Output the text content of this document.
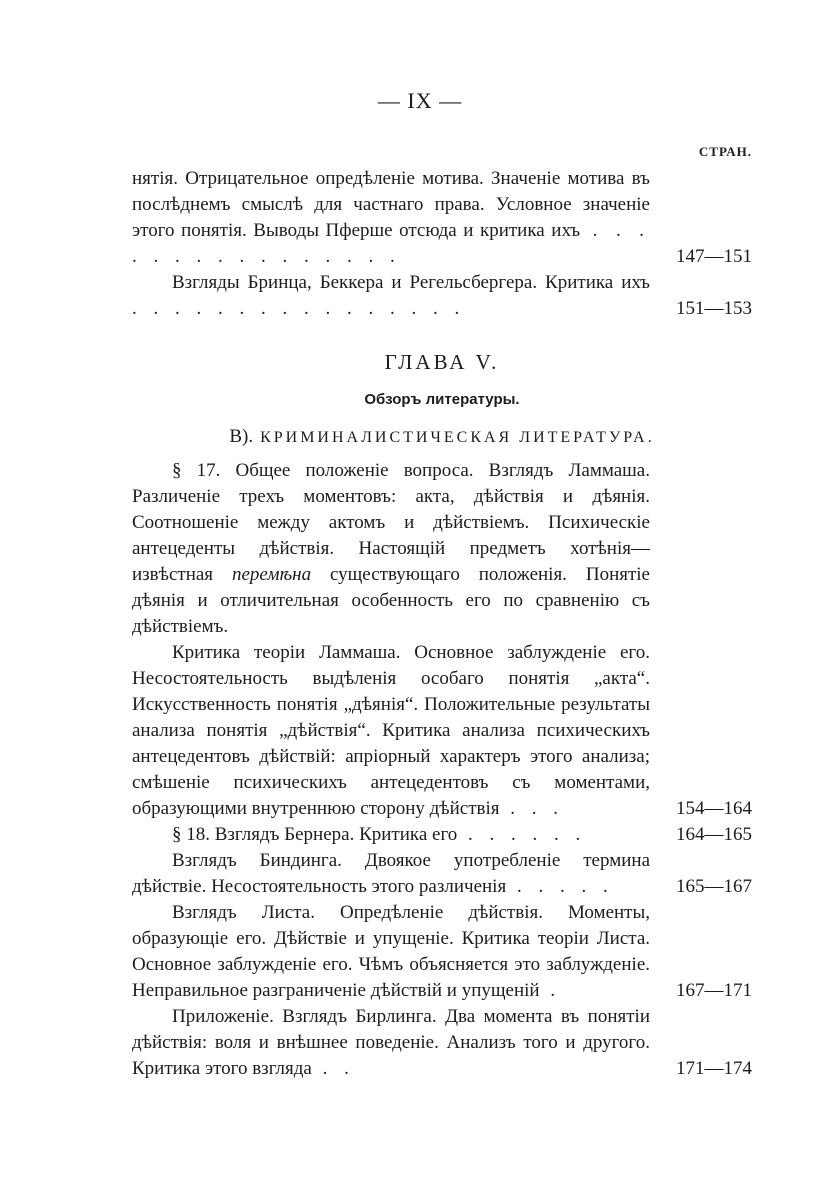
— IX —
СТРАН.
нятія. Отрицательное опредѣленіе мотива. Значеніе мотива въ послѣднемъ смыслѣ для частнаго права. Условное значеніе этого понятія. Выводы Пферше отсюда и критика ихъ . . . . . . . . . . . . . . . .	147—151
Взгляды Бринца, Беккера и Регельсбергера. Критика ихъ . . . . . . . . . . . . . . . .	151—153
ГЛАВА V.
Обзоръ литературы.
В). КРИМИНАЛИСТИЧЕСКАЯ ЛИТЕРАТУРА.
§ 17. Общее положеніе вопроса. Взглядъ Ламмаша. Различеніе трехъ моментовъ: акта, дѣйствія и дѣянія. Соотношеніе между актомъ и дѣйствіемъ. Психическіе антецеденты дѣйствія. Настоящій предметъ хотѣнія—извѣстная перемѣна существующаго положенія. Понятіе дѣянія и отличительная особенность его по сравненію съ дѣйствіемъ.
Критика теоріи Ламмаша. Основное заблужденіе его. Несостоятельность выдѣленія особаго понятія „акта“. Искусственность понятія „дѣянія“. Положительные результаты анализа понятія „дѣйствія“. Критика анализа психическихъ антецедентовъ дѣйствій: апріорный характеръ этого анализа; смѣшеніе психическихъ антецедентовъ съ моментами, образующими внутреннюю сторону дѣйствія . . .	154—164
§ 18. Взглядъ Бернера. Критика его . . . . . .	164—165
Взглядъ Биндинга. Двоякое употребленіе термина дѣйствіе. Несостоятельность этого различенія . . . . .	165—167
Взглядъ Листа. Опредѣленіе дѣйствія. Моменты, образующіе его. Дѣйствіе и упущеніе. Критика теоріи Листа. Основное заблужденіе его. Чѣмъ объясняется это заблужденіе. Неправильное разграниченіе дѣйствій и упущеній .	167—171
Приложеніе. Взглядъ Бирлинга. Два момента въ понятіи дѣйствія: воля и внѣшнее поведеніе. Анализъ того и другого. Критика этого взгляда . .	171—174
